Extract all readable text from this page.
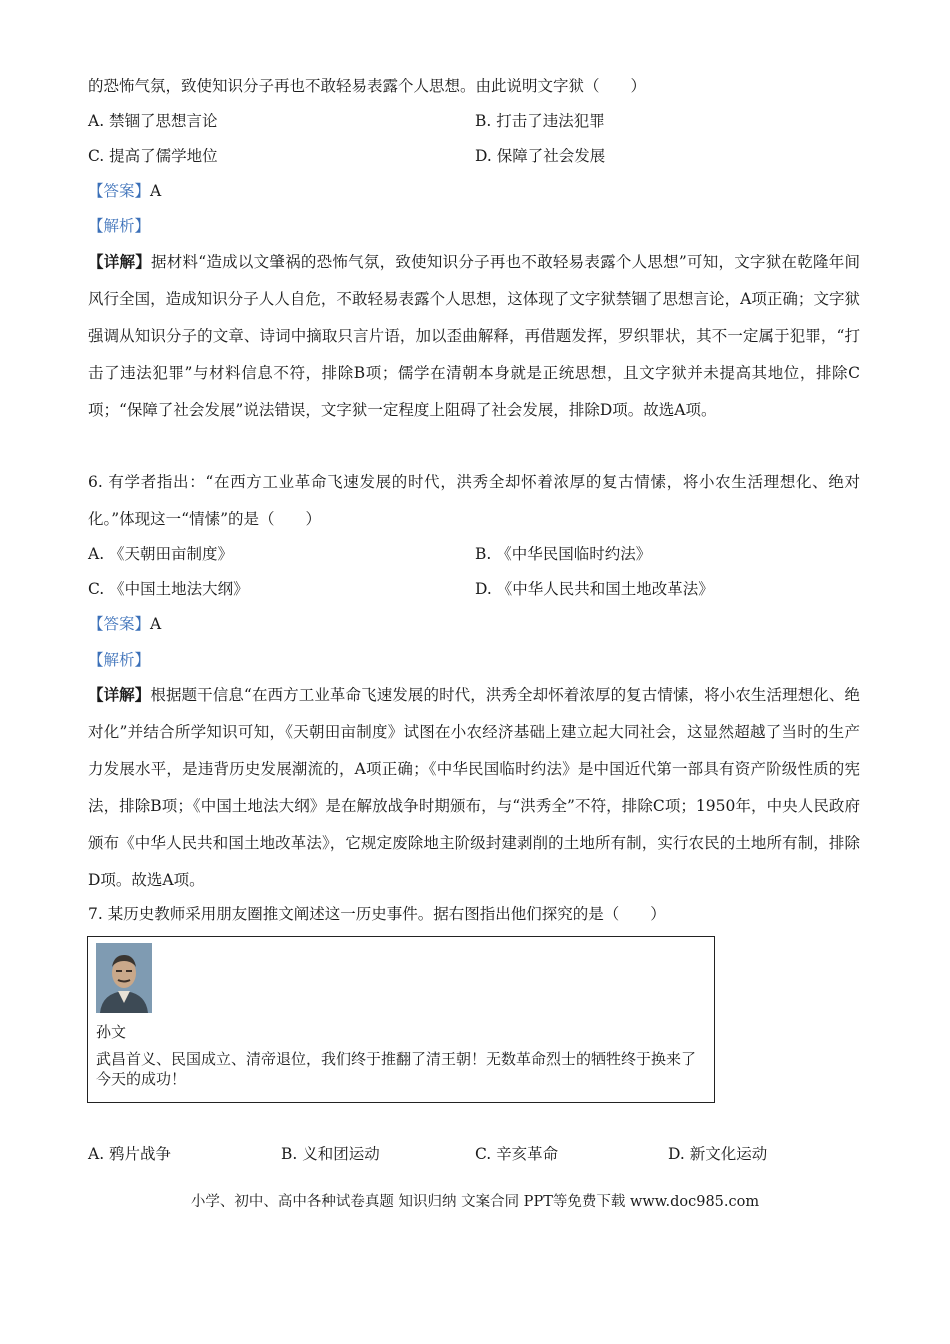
的恐怖气氛，致使知识分子再也不敢轻易表露个人思想。由此说明文字狱（　　）
A. 禁锢了思想言论	B. 打击了违法犯罪
C. 提高了儒学地位	D. 保障了社会发展
【答案】A
【解析】
【详解】据材料“造成以文肇祸的恐怖气氛，致使知识分子再也不敢轻易表露个人思想”可知，文字狱在乾隆年间风行全国，造成知识分子人人自危，不敢轻易表露个人思想，这体现了文字狱禁锢了思想言论，A项正确；文字狱强调从知识分子的文章、诗词中摘取只言片语，加以歪曲解释，再借题发挥，罗织罪状，其不一定属于犯罪，“打击了违法犯罪”与材料信息不符，排除B项；儒学在清朝本身就是正统思想，且文字狱并未提高其地位，排除C项；“保障了社会发展”说法错误，文字狱一定程度上阻碍了社会发展，排除D项。故选A项。
6. 有学者指出：“在西方工业革命飞速发展的时代，洪秀全却怀着浓厚的复古情愫，将小农生活理想化、绝对化。”体现这一“情愫”的是（　　）
A. 《天朝田亩制度》	B. 《中华民国临时约法》
C. 《中国土地法大纲》	D. 《中华人民共和国土地改革法》
【答案】A
【解析】
【详解】根据题干信息“在西方工业革命飞速发展的时代，洪秀全却怀着浓厚的复古情愫，将小农生活理想化、绝对化”并结合所学知识可知，《天朝田亩制度》试图在小农经济基础上建立起大同社会，这显然超越了当时的生产力发展水平，是违背历史发展潮流的，A项正确；《中华民国临时约法》是中国近代第一部具有资产阶级性质的宪法，排除B项；《中国土地法大纲》是在解放战争时期颁布，与“洪秀全”不符，排除C项；1950年，中央人民政府颁布《中华人民共和国土地改革法》，它规定废除地主阶级封建剥削的土地所有制，实行农民的土地所有制，排除D项。故选A项。
7. 某历史教师采用朋友圈推文阐述这一历史事件。据右图指出他们探究的是（　　）
孙文
武昌首义、民国成立、清帝退位，我们终于推翻了清王朝！无数革命烈士的牺牲终于换来了今天的成功！
A. 鸦片战争	B. 义和团运动	C. 辛亥革命	D. 新文化运动
小学、初中、高中各种试卷真题 知识归纳 文案合同 PPT等免费下载 www.doc985.com
